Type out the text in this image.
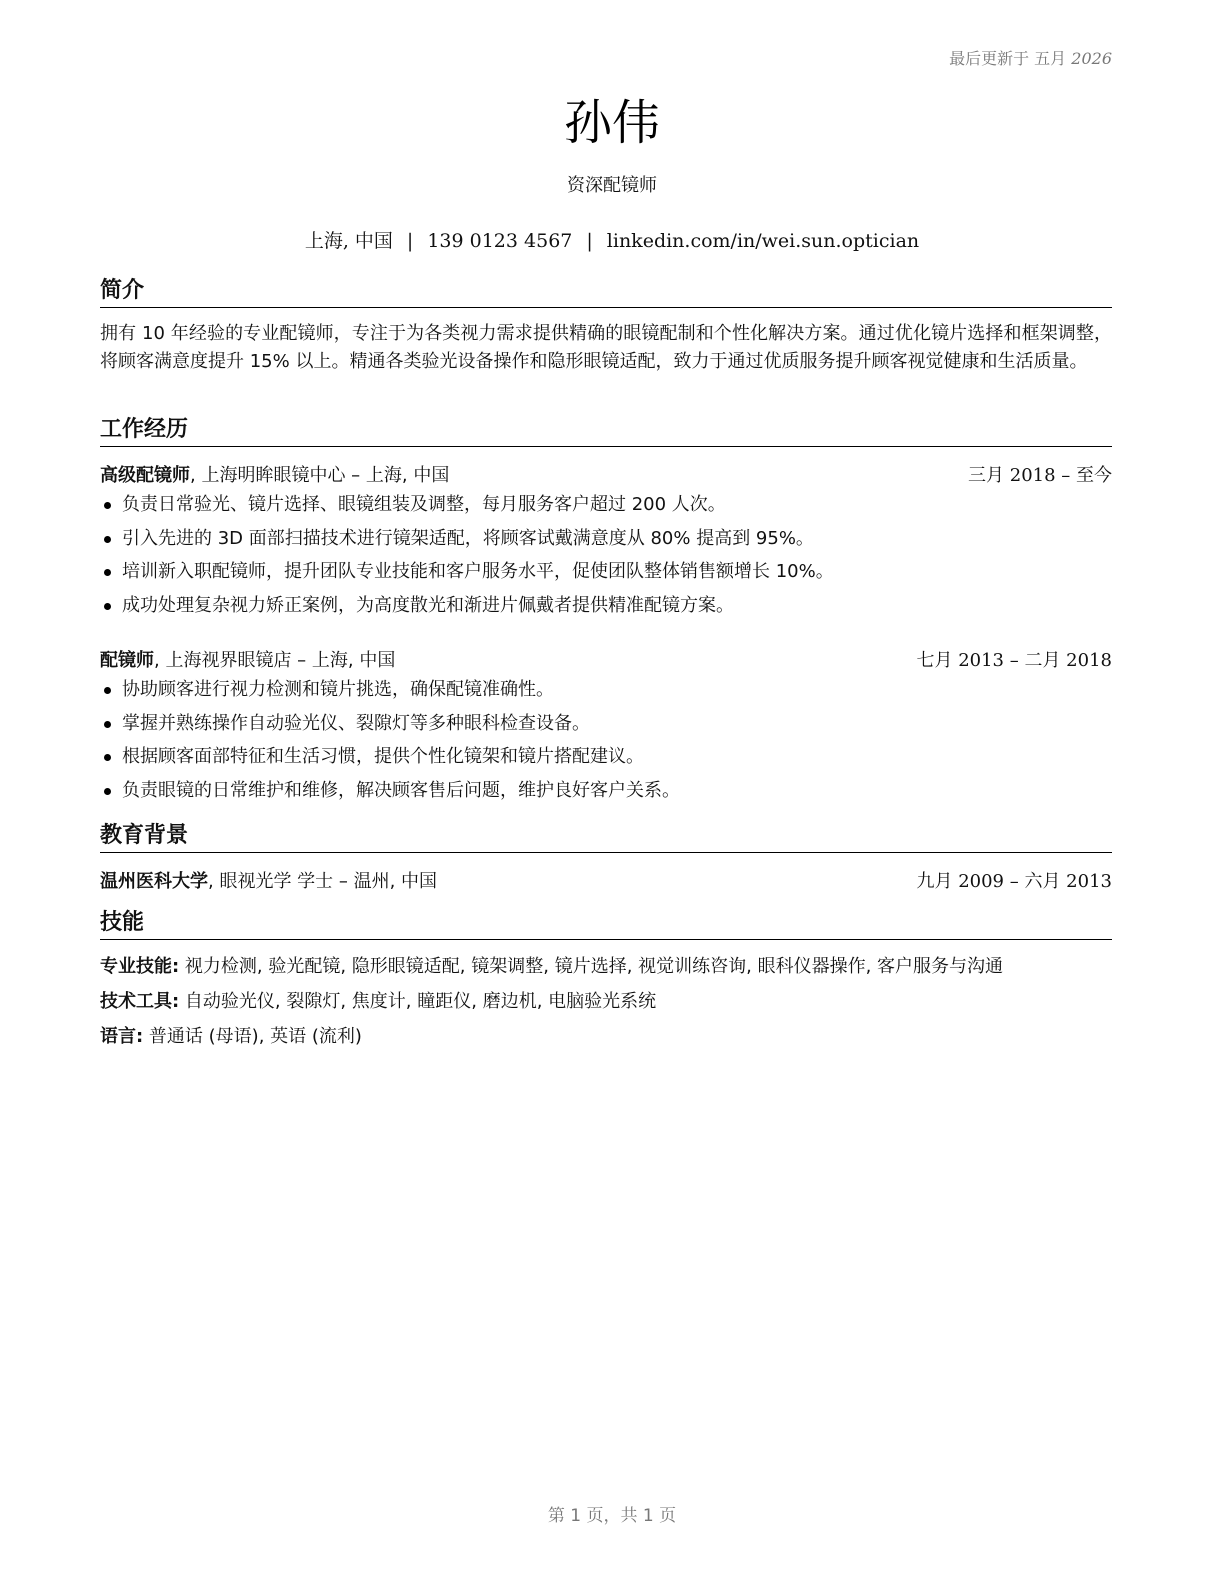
最后更新于 五月 2026
孙伟
资深配镜师
上海, 中国 | 139 0123 4567 | linkedin.com/in/wei.sun.optician
简介
拥有 10 年经验的专业配镜师，专注于为各类视力需求提供精确的眼镜配制和个性化解决方案。通过优化镜片选择和框架调整，将顾客满意度提升 15% 以上。精通各类验光设备操作和隐形眼镜适配，致力于通过优质服务提升顾客视觉健康和生活质量。
工作经历
高级配镜师, 上海明眸眼镜中心 – 上海, 中国	三月 2018 – 至今
负责日常验光、镜片选择、眼镜组装及调整，每月服务客户超过 200 人次。
引入先进的 3D 面部扫描技术进行镜架适配，将顾客试戴满意度从 80% 提高到 95%。
培训新入职配镜师，提升团队专业技能和客户服务水平，促使团队整体销售额增长 10%。
成功处理复杂视力矫正案例，为高度散光和渐进片佩戴者提供精准配镜方案。
配镜师, 上海视界眼镜店 – 上海, 中国	七月 2013 – 二月 2018
协助顾客进行视力检测和镜片挑选，确保配镜准确性。
掌握并熟练操作自动验光仪、裂隙灯等多种眼科检查设备。
根据顾客面部特征和生活习惯，提供个性化镜架和镜片搭配建议。
负责眼镜的日常维护和维修，解决顾客售后问题，维护良好客户关系。
教育背景
温州医科大学, 眼视光学 学士 – 温州, 中国	九月 2009 – 六月 2013
技能
专业技能: 视力检测, 验光配镜, 隐形眼镜适配, 镜架调整, 镜片选择, 视觉训练咨询, 眼科仪器操作, 客户服务与沟通
技术工具: 自动验光仪, 裂隙灯, 焦度计, 瞳距仪, 磨边机, 电脑验光系统
语言: 普通话 (母语), 英语 (流利)
第 1 页，共 1 页
